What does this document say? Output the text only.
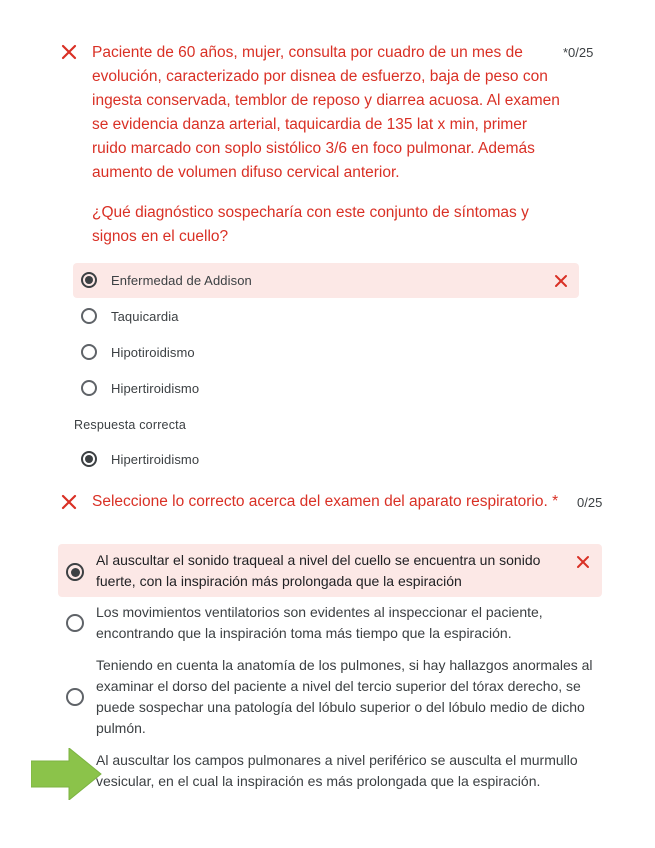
Paciente de 60 años, mujer, consulta por cuadro de un mes de evolución, caracterizado por disnea de esfuerzo, baja de peso con ingesta conservada, temblor de reposo y diarrea acuosa. Al examen se evidencia danza arterial, taquicardia de 135 lat x min, primer ruido marcado con soplo sistólico 3/6 en foco pulmonar. Además aumento de volumen difuso cervical anterior.
*0/25
¿Qué diagnóstico sospecharía con este conjunto de síntomas y signos en el cuello?
Enfermedad de Addison
Taquicardia
Hipotiroidismo
Hipertiroidismo
Respuesta correcta
Hipertiroidismo
Seleccione lo correcto acerca del examen del aparato respiratorio. * 0/25
Al auscultar el sonido traqueal a nivel del cuello se encuentra un sonido fuerte, con la inspiración más prolongada que la espiración
Los movimientos ventilatorios son evidentes al inspeccionar el paciente, encontrando que la inspiración toma más tiempo que la espiración.
Teniendo en cuenta la anatomía de los pulmones, si hay hallazgos anormales al examinar el dorso del paciente a nivel del tercio superior del tórax derecho, se puede sospechar una patología del lóbulo superior o del lóbulo medio de dicho pulmón.
Al auscultar los campos pulmonares a nivel periférico se ausculta el murmullo vesicular, en el cual la inspiración es más prolongada que la espiración.
